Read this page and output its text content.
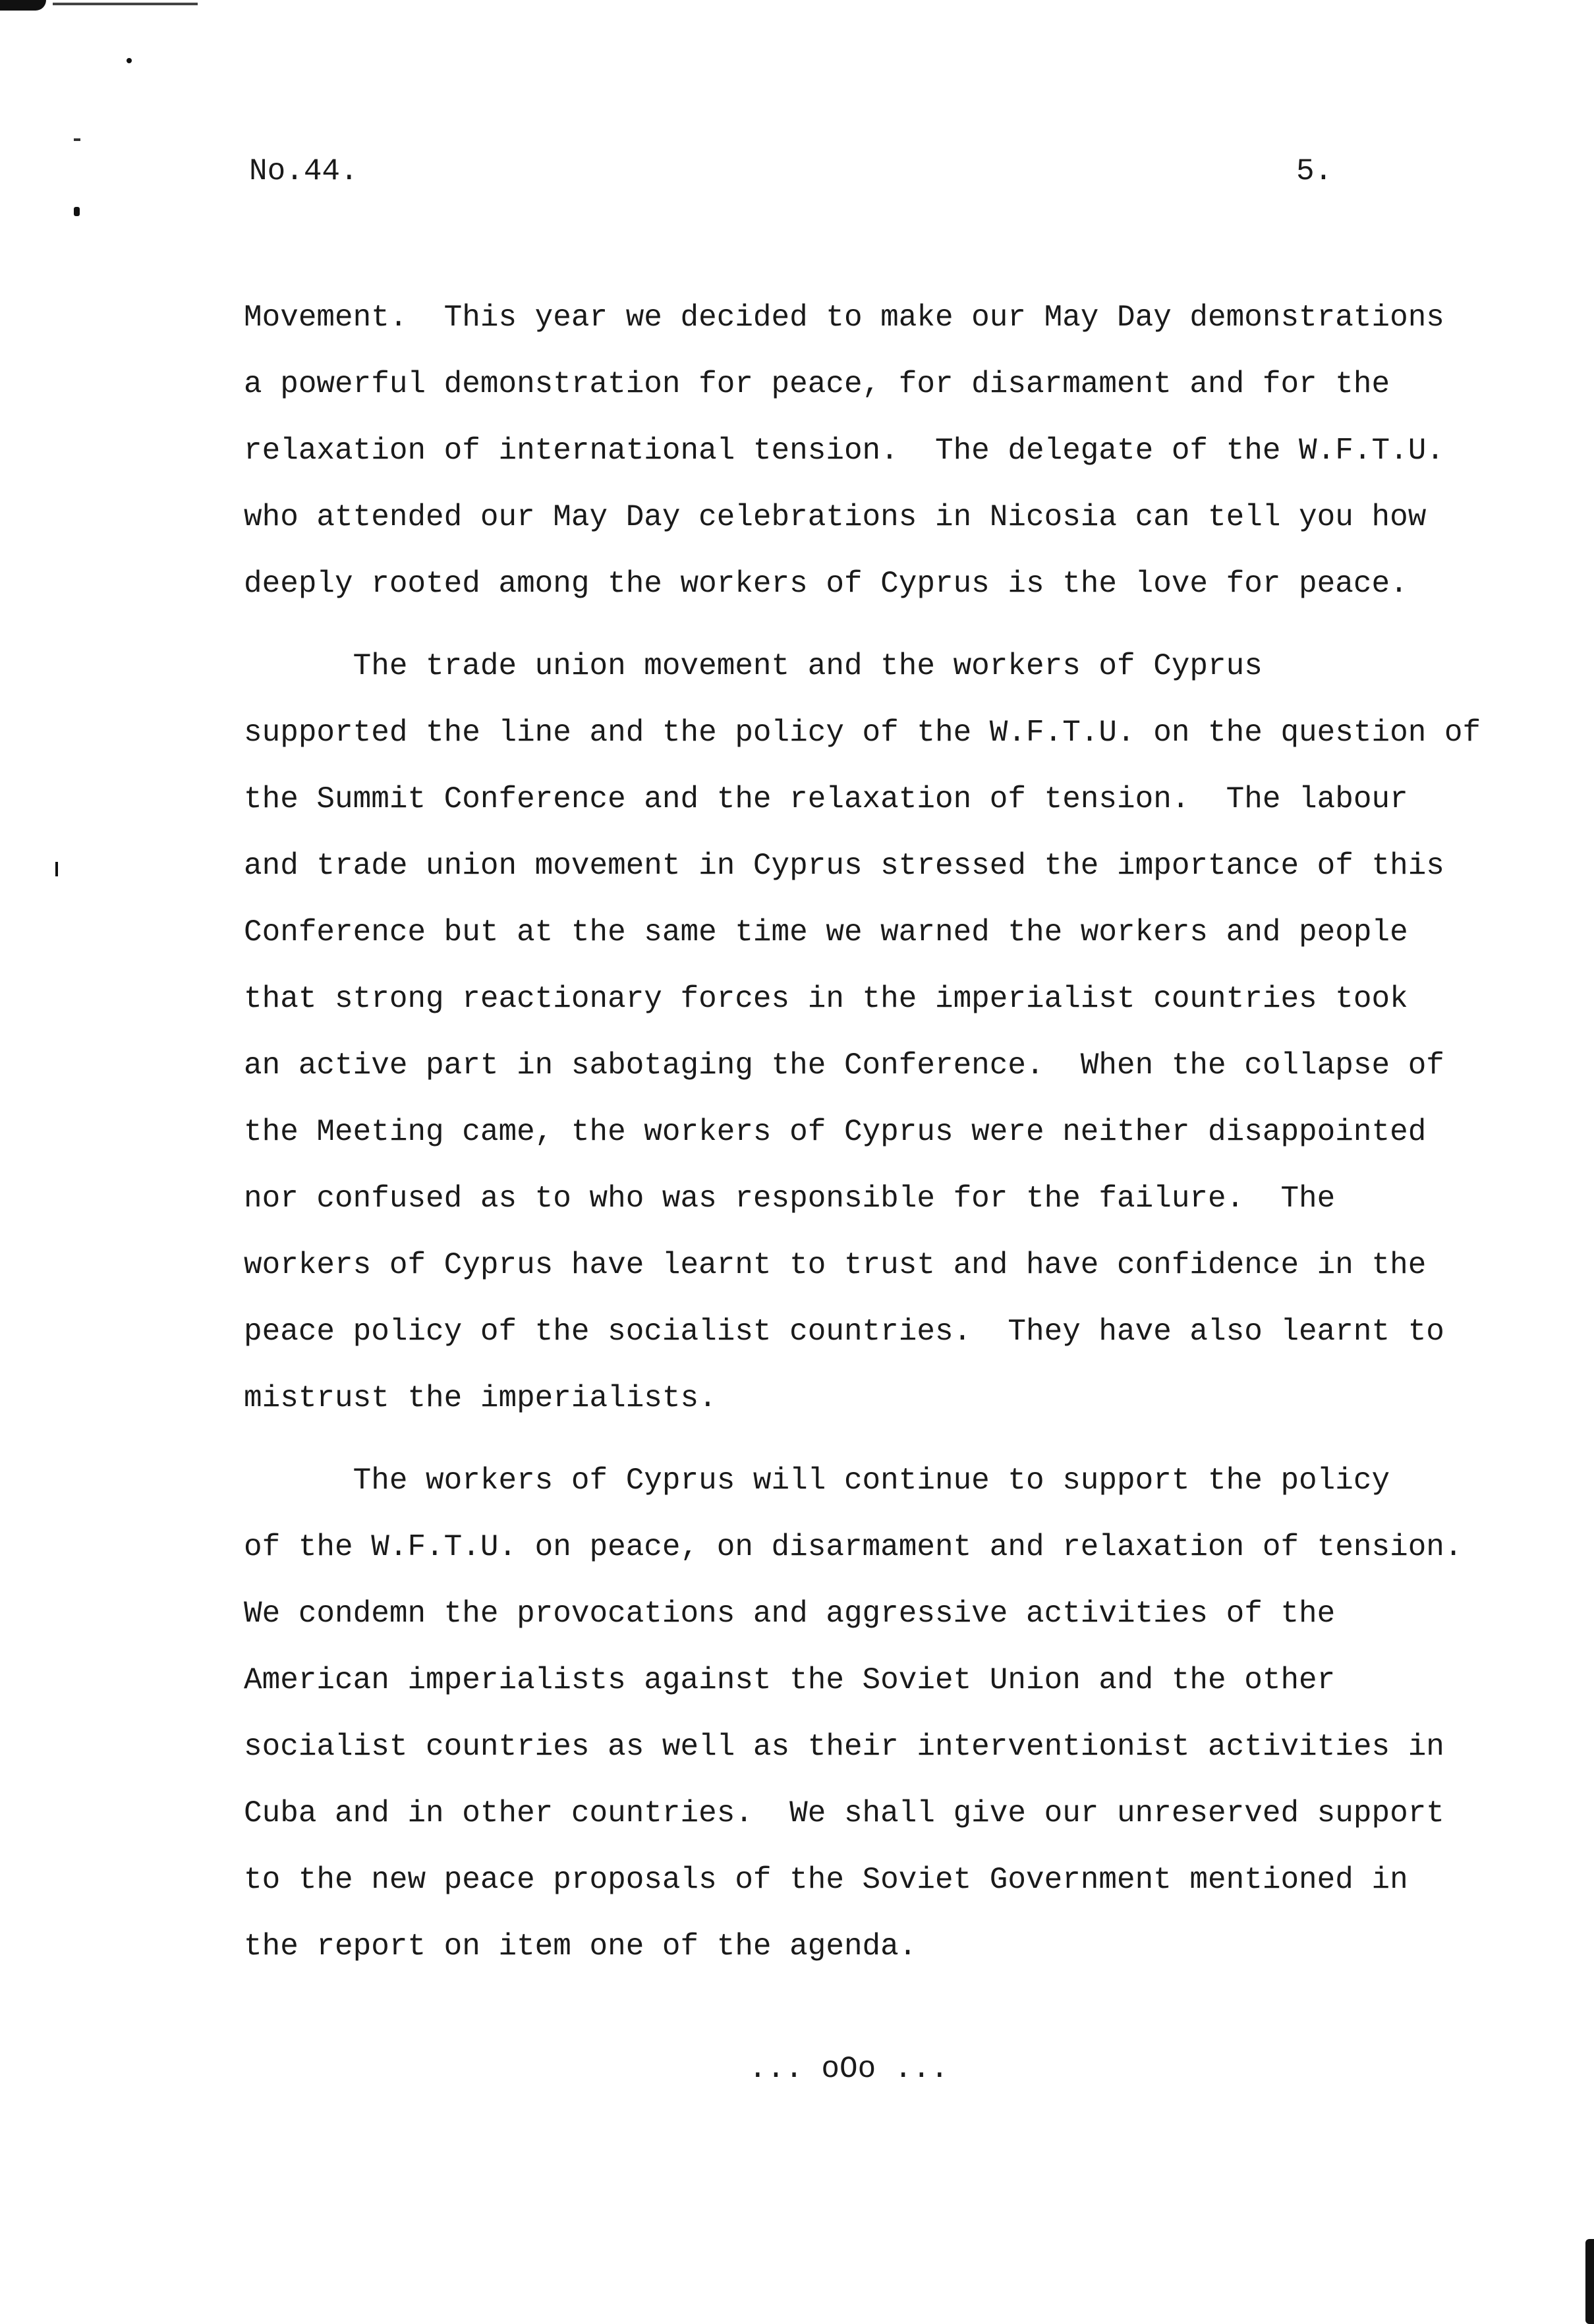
No.44.	5.
Movement.  This year we decided to make our May Day demonstrations
a powerful demonstration for peace, for disarmament and for the
relaxation of international tension.  The delegate of the W.F.T.U.
who attended our May Day celebrations in Nicosia can tell you how
deeply rooted among the workers of Cyprus is the love for peace.
The trade union movement and the workers of Cyprus
supported the line and the policy of the W.F.T.U. on the question of
the Summit Conference and the relaxation of tension.  The labour
and trade union movement in Cyprus stressed the importance of this
Conference but at the same time we warned the workers and people
that strong reactionary forces in the imperialist countries took
an active part in sabotaging the Conference.  When the collapse of
the Meeting came, the workers of Cyprus were neither disappointed
nor confused as to who was responsible for the failure.  The
workers of Cyprus have learnt to trust and have confidence in the
peace policy of the socialist countries.  They have also learnt to
mistrust the imperialists.
The workers of Cyprus will continue to support the policy
of the W.F.T.U. on peace, on disarmament and relaxation of tension.
We condemn the provocations and aggressive activities of the
American imperialists against the Soviet Union and the other
socialist countries as well as their interventionist activities in
Cuba and in other countries.  We shall give our unreserved support
to the new peace proposals of the Soviet Government mentioned in
the report on item one of the agenda.
... oOo ...
